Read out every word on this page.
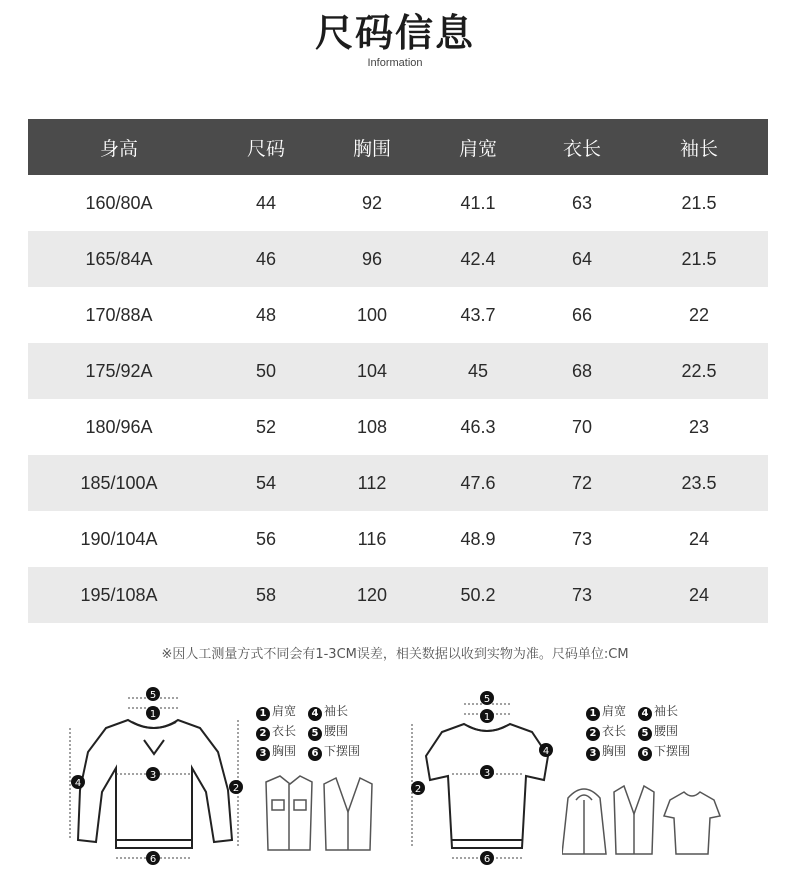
尺码信息
Information
身高	尺码	胸围	肩宽	衣长	袖长
160/80A	44	92	41.1	63	21.5
165/84A	46	96	42.4	64	21.5
170/88A	48	100	43.7	66	22
175/92A	50	104	45	68	22.5
180/96A	52	108	46.3	70	23
185/100A	54	112	47.6	72	23.5
190/104A	56	116	48.9	73	24
195/108A	58	120	50.2	73	24
※因人工测量方式不同会有1-3CM误差，相关数据以收到实物为准。尺码单位:CM
5
1
3
6
2
4
1 肩宽	4 袖长
2 衣长	5 腰围
3 胸围	6 下摆围
5
1
3
6
2
4
1 肩宽	4 袖长
2 衣长	5 腰围
3 胸围	6 下摆围
